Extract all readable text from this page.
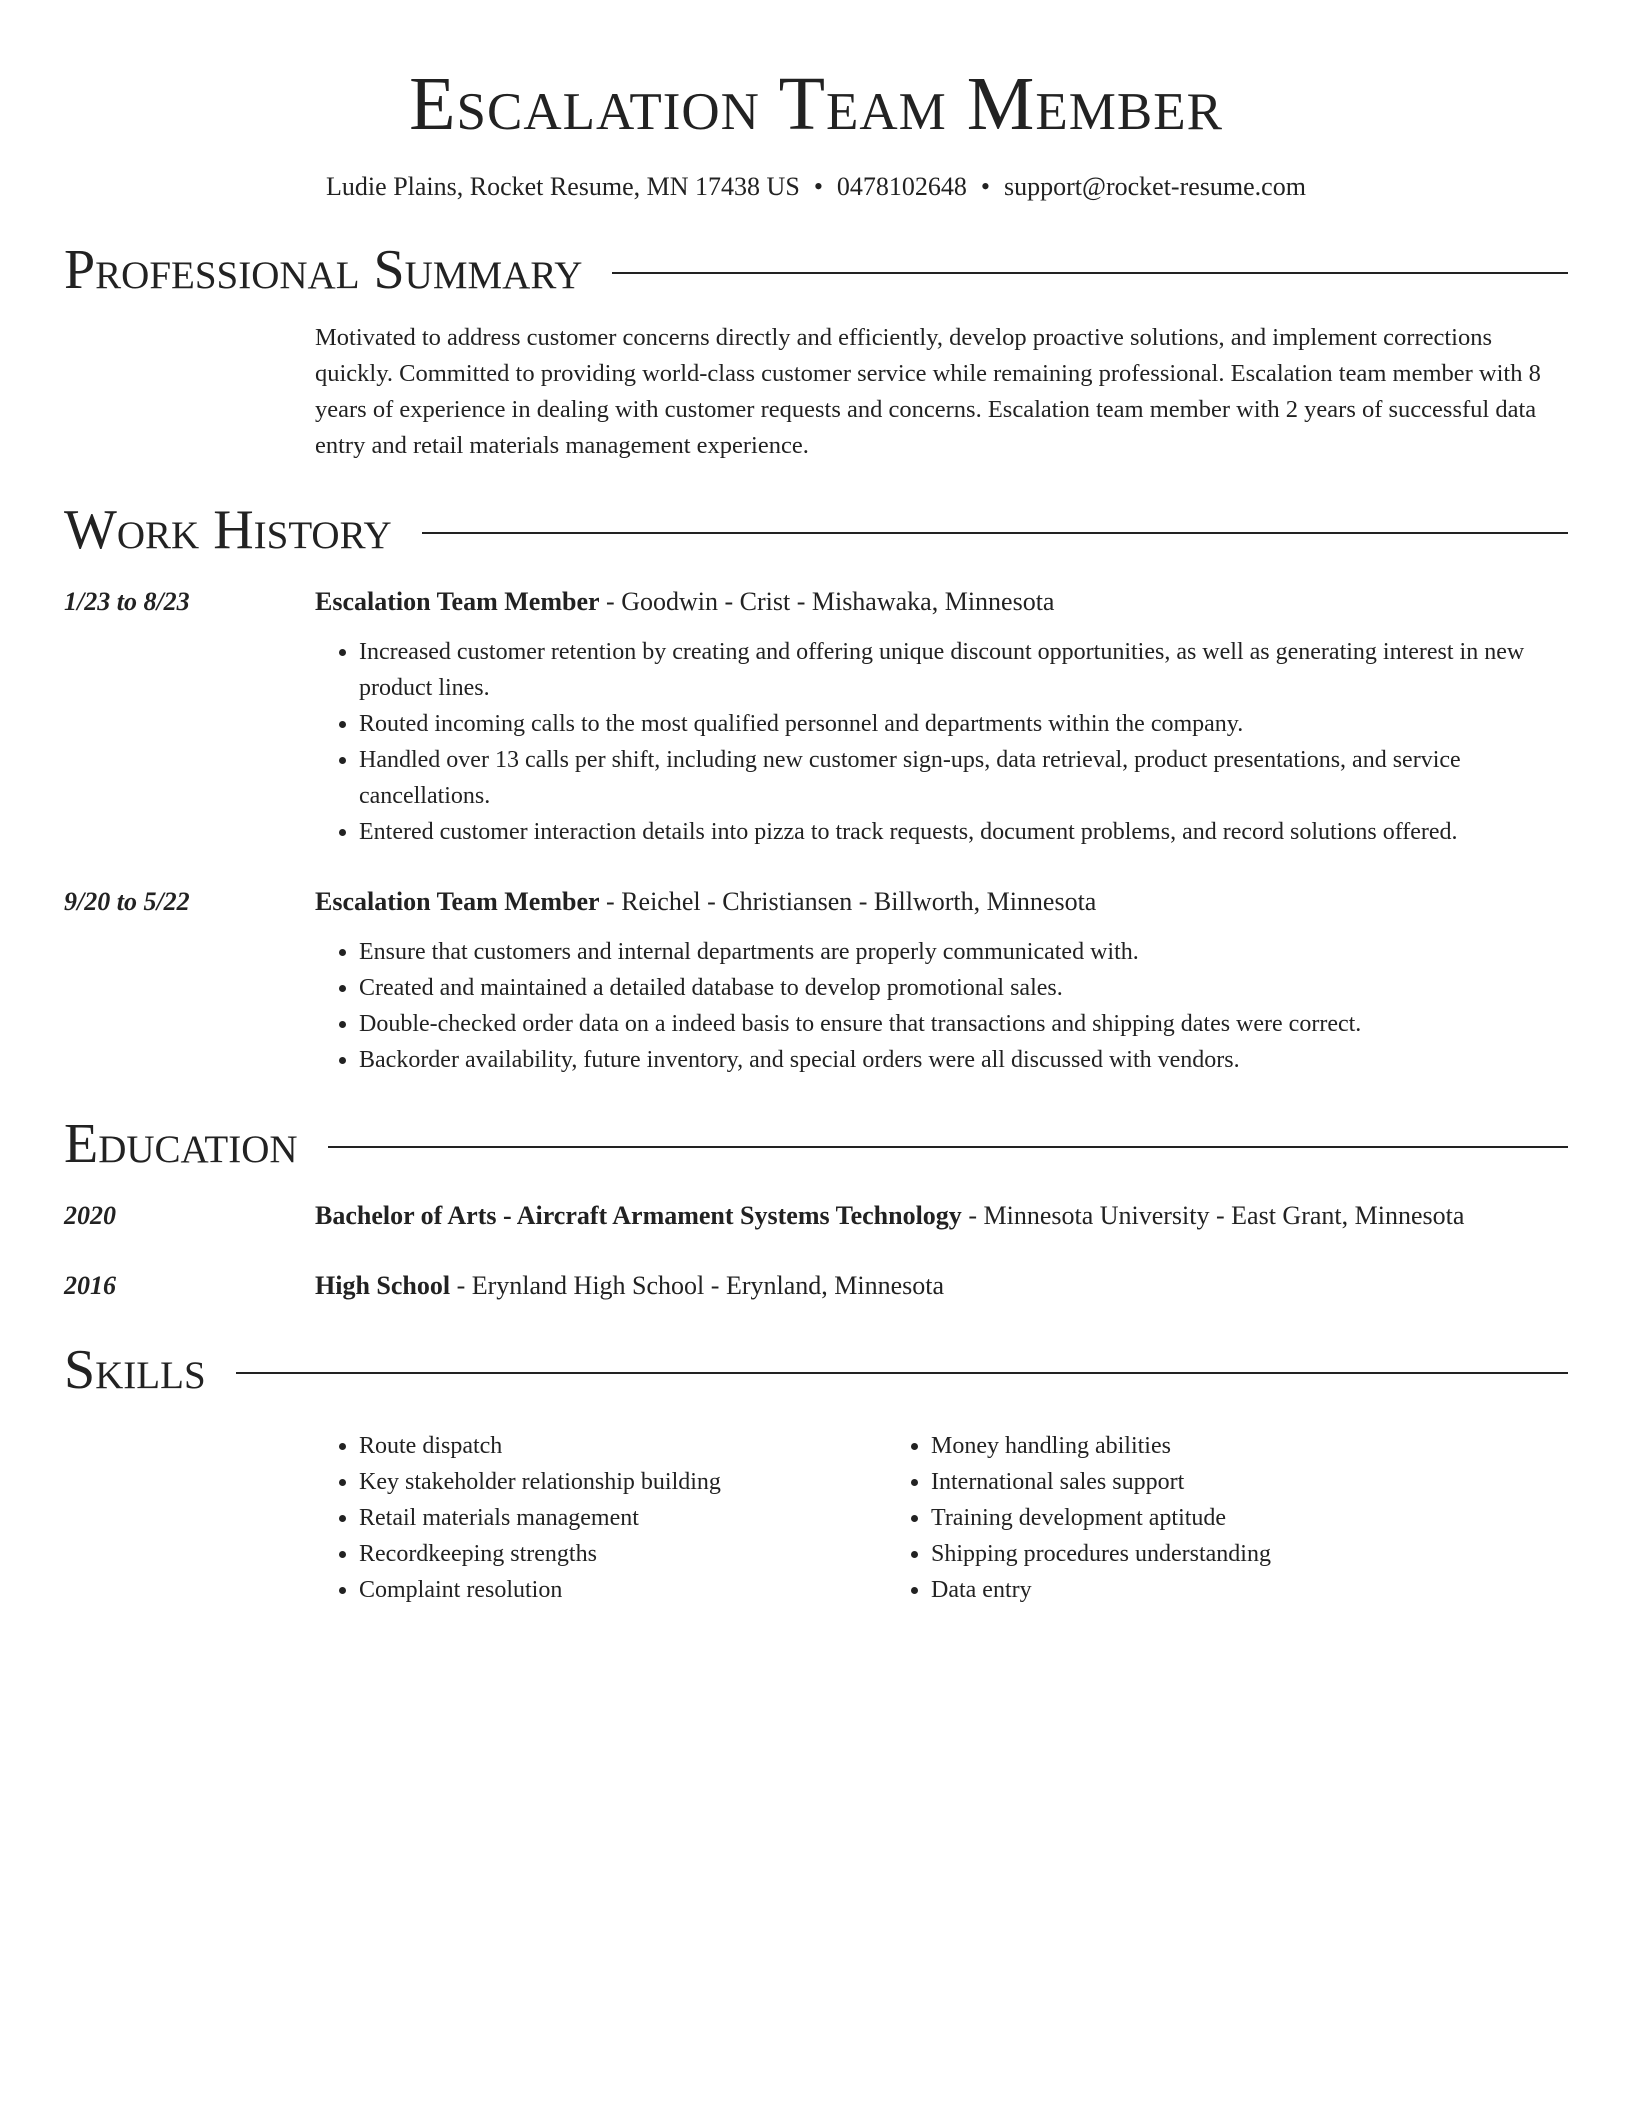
Escalation Team Member
Ludie Plains, Rocket Resume, MN 17438 US • 0478102648 • support@rocket-resume.com
Professional Summary
Motivated to address customer concerns directly and efficiently, develop proactive solutions, and implement corrections quickly. Committed to providing world-class customer service while remaining professional. Escalation team member with 8 years of experience in dealing with customer requests and concerns. Escalation team member with 2 years of successful data entry and retail materials management experience.
Work History
1/23 to 8/23	Escalation Team Member - Goodwin - Crist - Mishawaka, Minnesota
• Increased customer retention by creating and offering unique discount opportunities, as well as generating interest in new product lines.
• Routed incoming calls to the most qualified personnel and departments within the company.
• Handled over 13 calls per shift, including new customer sign-ups, data retrieval, product presentations, and service cancellations.
• Entered customer interaction details into pizza to track requests, document problems, and record solutions offered.
9/20 to 5/22	Escalation Team Member - Reichel - Christiansen - Billworth, Minnesota
• Ensure that customers and internal departments are properly communicated with.
• Created and maintained a detailed database to develop promotional sales.
• Double-checked order data on a indeed basis to ensure that transactions and shipping dates were correct.
• Backorder availability, future inventory, and special orders were all discussed with vendors.
Education
2020	Bachelor of Arts - Aircraft Armament Systems Technology - Minnesota University - East Grant, Minnesota
2016	High School - Erynland High School - Erynland, Minnesota
Skills
• Route dispatch
• Key stakeholder relationship building
• Retail materials management
• Recordkeeping strengths
• Complaint resolution
• Money handling abilities
• International sales support
• Training development aptitude
• Shipping procedures understanding
• Data entry
